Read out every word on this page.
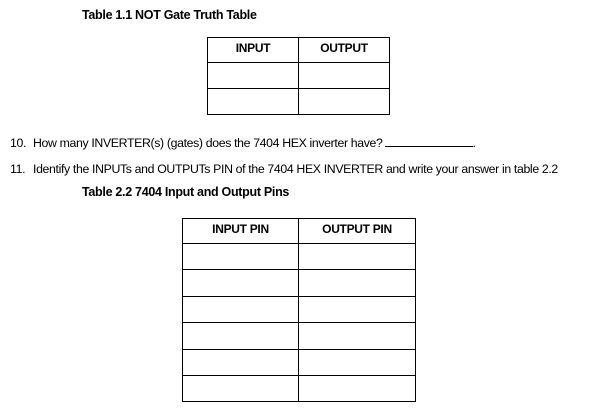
Table 1.1 NOT Gate Truth Table
INPUT	OUTPUT

10. How many INVERTER(s) (gates) does the 7404 HEX inverter have?	.
11. Identify the INPUTs and OUTPUTs PIN of the 7404 HEX INVERTER and write your answer in table 2.2
Table 2.2 7404 Input and Output Pins
INPUT PIN	OUTPUT PIN
